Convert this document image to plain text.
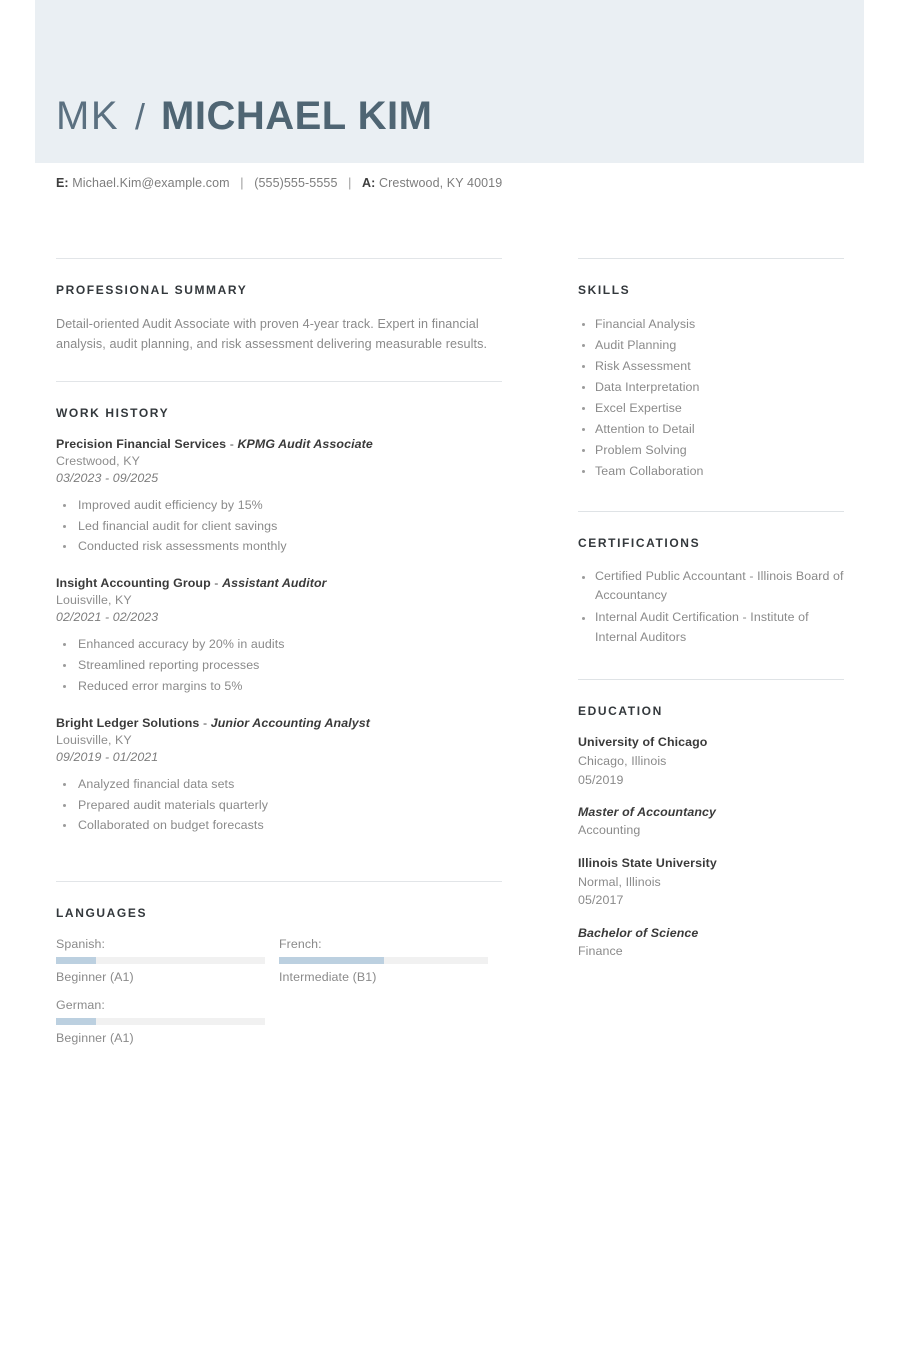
MK / MICHAEL KIM
E: Michael.Kim@example.com | (555)555-5555 | A: Crestwood, KY 40019
PROFESSIONAL SUMMARY
Detail-oriented Audit Associate with proven 4-year track. Expert in financial analysis, audit planning, and risk assessment delivering measurable results.
WORK HISTORY
Precision Financial Services - KPMG Audit Associate
Crestwood, KY
03/2023 - 09/2025
Improved audit efficiency by 15%
Led financial audit for client savings
Conducted risk assessments monthly
Insight Accounting Group - Assistant Auditor
Louisville, KY
02/2021 - 02/2023
Enhanced accuracy by 20% in audits
Streamlined reporting processes
Reduced error margins to 5%
Bright Ledger Solutions - Junior Accounting Analyst
Louisville, KY
09/2019 - 01/2021
Analyzed financial data sets
Prepared audit materials quarterly
Collaborated on budget forecasts
LANGUAGES
Spanish:
Beginner (A1)
French:
Intermediate (B1)
German:
Beginner (A1)
SKILLS
Financial Analysis
Audit Planning
Risk Assessment
Data Interpretation
Excel Expertise
Attention to Detail
Problem Solving
Team Collaboration
CERTIFICATIONS
Certified Public Accountant - Illinois Board of Accountancy
Internal Audit Certification - Institute of Internal Auditors
EDUCATION
University of Chicago
Chicago, Illinois
05/2019
Master of Accountancy
Accounting
Illinois State University
Normal, Illinois
05/2017
Bachelor of Science
Finance
